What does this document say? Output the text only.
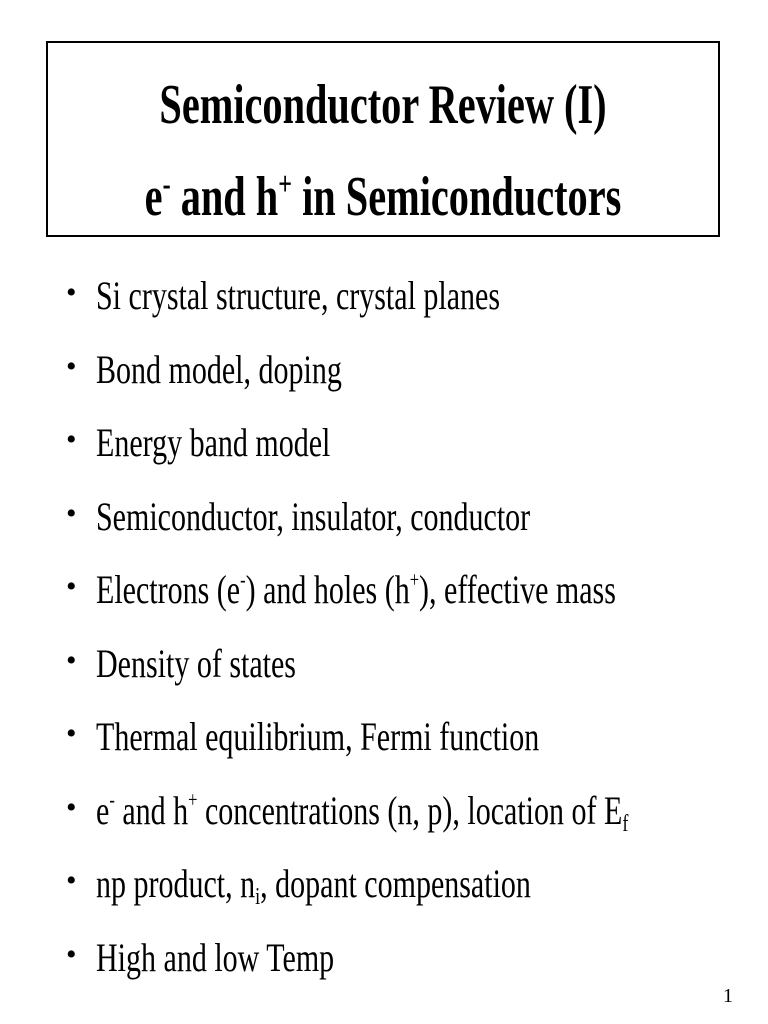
Semiconductor Review (I)
e- and h+ in Semiconductors
• Si crystal structure, crystal planes
• Bond model, doping
• Energy band model
• Semiconductor, insulator, conductor
• Electrons (e-) and holes (h+), effective mass
• Density of states
• Thermal equilibrium, Fermi function
• e- and h+ concentrations (n, p), location of Ef
• np product, ni, dopant compensation
• High and low Temp
1
